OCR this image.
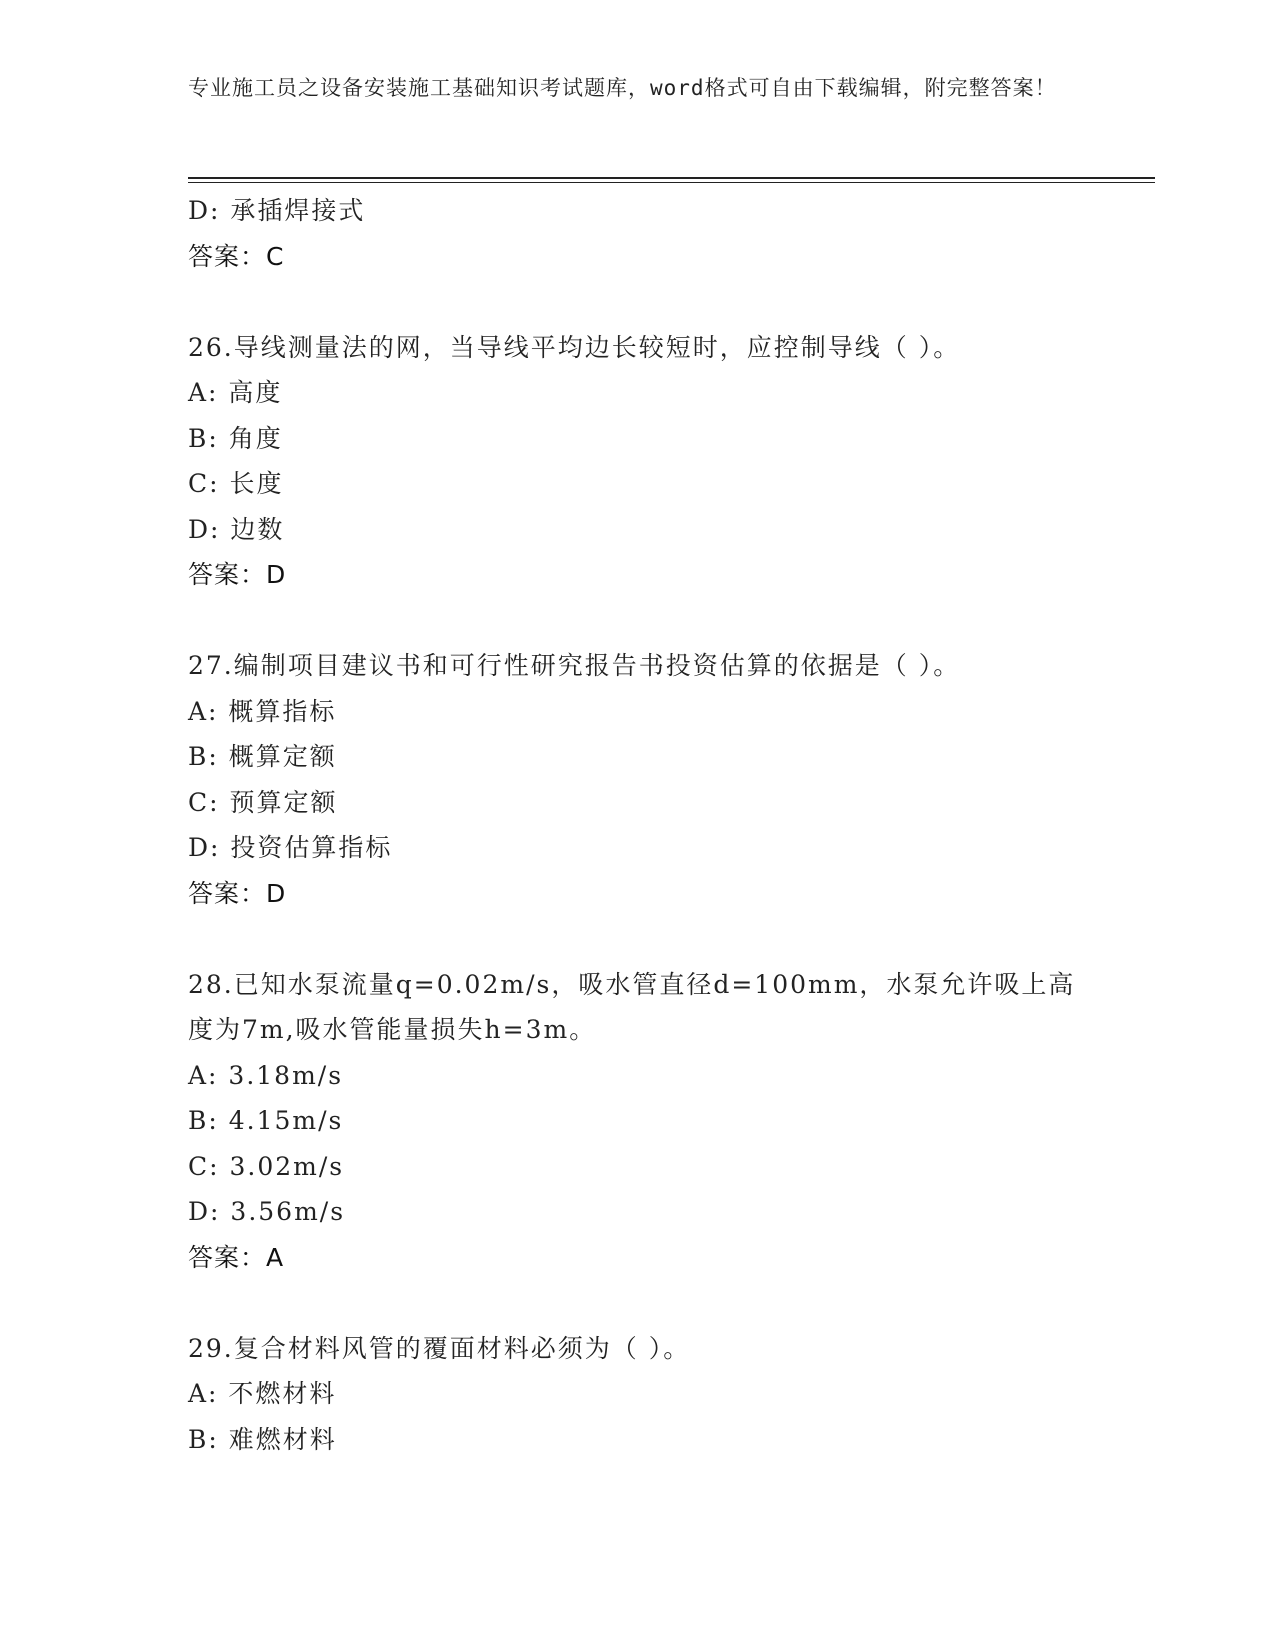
专业施工员之设备安装施工基础知识考试题库，word格式可自由下载编辑，附完整答案！
D: 承插焊接式
答案：C
26.导线测量法的网，当导线平均边长较短时，应控制导线（ ）。
A: 高度
B: 角度
C: 长度
D: 边数
答案：D
27.编制项目建议书和可行性研究报告书投资估算的依据是（ ）。
A: 概算指标
B: 概算定额
C: 预算定额
D: 投资估算指标
答案：D
28.已知水泵流量q=0.02m/s，吸水管直径d=100mm，水泵允许吸上高度为7m,吸水管能量损失h=3m。
A: 3.18m/s
B: 4.15m/s
C: 3.02m/s
D: 3.56m/s
答案：A
29.复合材料风管的覆面材料必须为（ ）。
A: 不燃材料
B: 难燃材料
